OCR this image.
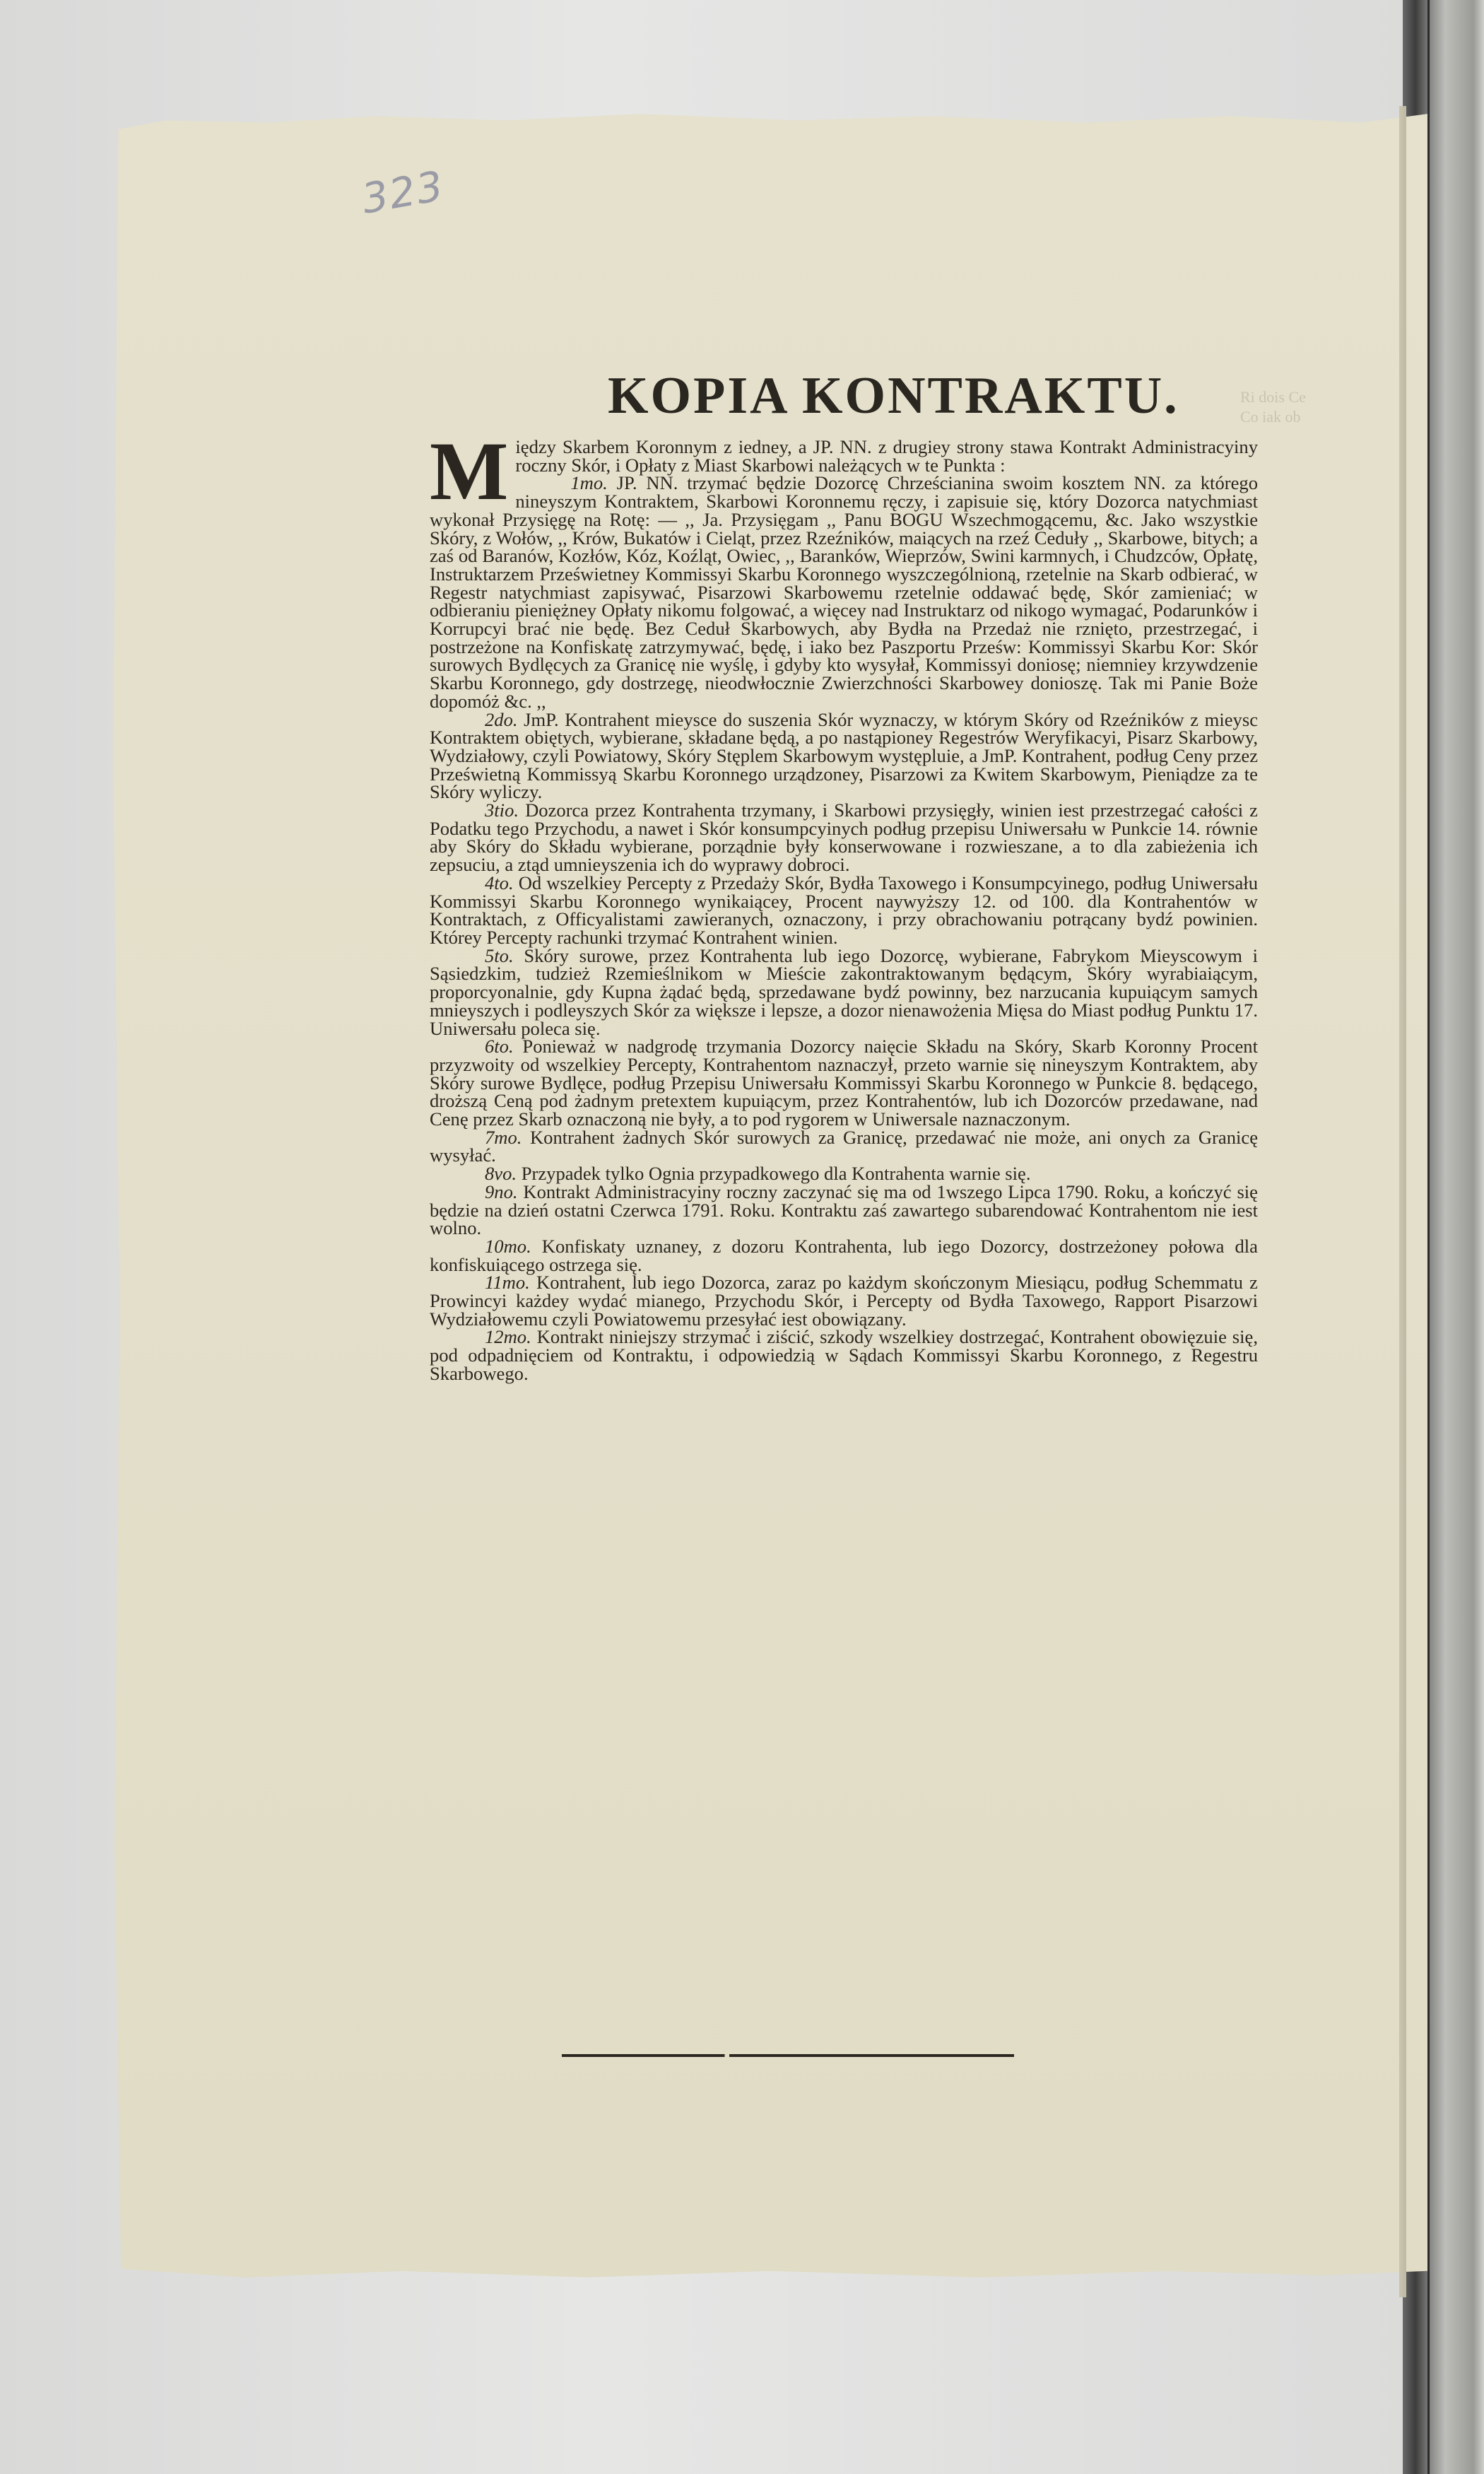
323
Ri dois Ce
Co iak ob
KOPIA KONTRAKTU.

Między Skarbem Koronnym z iedney, a JP. NN. z drugiey strony stawa Kontrakt Administracyiny roczny Skór, i Opłaty z Miast Skarbowi należących w te Punkta :

1mo. JP. NN. trzymać będzie Dozorcę Chrześcianina swoim kosztem NN. za którego nineyszym Kontraktem, Skarbowi Koronnemu ręczy, i zapisuie się, który Dozorca natychmiast wykonał Przysięgę na Rotę: — ,, Ja. Przysięgam ,, Panu BOGU Wszechmogącemu, &c. Jako wszystkie Skóry, z Wołów, ,, Krów, Bukatów i Cieląt, przez Rzeźników, maiących na rzeź Ceduły ,, Skarbowe, bitych; a zaś od Baranów, Kozłów, Kóz, Koźląt, Owiec, ,, Baranków, Wieprzów, Swini karmnych, i Chudzców, Opłatę, Instruktarzem Prześwietney Kommissyi Skarbu Koronnego wyszczególnioną, rzetelnie na Skarb odbierać, w Regestr natychmiast zapisywać, Pisarzowi Skarbowemu rzetelnie oddawać będę, Skór zamieniać; w odbieraniu pieniężney Opłaty nikomu folgować, a więcey nad Instruktarz od nikogo wymagać, Podarunków i Korrupcyi brać nie będę. Bez Ceduł Skarbowych, aby Bydła na Przedaż nie rznięto, przestrzegać, i postrzeżone na Konfiskatę zatrzymywać, będę, i iako bez Paszportu Prześw: Kommissyi Skarbu Kor: Skór surowych Bydlęcych za Granicę nie wyślę, i gdyby kto wysyłał, Kommissyi doniosę; niemniey krzywdzenie Skarbu Koronnego, gdy dostrzegę, nieodwłocznie Zwierzchności Skarbowey donioszę. Tak mi Panie Boże dopomóż &c. ,,

2do. JmP. Kontrahent mieysce do suszenia Skór wyznaczy, w którym Skóry od Rzeźników z mieysc Kontraktem obiętych, wybierane, składane będą, a po nastąpioney Regestrów Weryfikacyi, Pisarz Skarbowy, Wydziałowy, czyli Powiatowy, Skóry Stęplem Skarbowym występluie, a JmP. Kontrahent, podług Ceny przez Prześwietną Kommissyą Skarbu Koronnego urządzoney, Pisarzowi za Kwitem Skarbowym, Pieniądze za te Skóry wyliczy.

3tio. Dozorca przez Kontrahenta trzymany, i Skarbowi przysięgły, winien iest przestrzegać całości z Podatku tego Przychodu, a nawet i Skór konsumpcyinych podług przepisu Uniwersału w Punkcie 14. równie aby Skóry do Składu wybierane, porządnie były konserwowane i rozwieszane, a to dla zabieżenia ich zepsuciu, a ztąd umnieyszenia ich do wyprawy dobroci.

4to. Od wszelkiey Percepty z Przedaży Skór, Bydła Taxowego i Konsumpcyinego, podług Uniwersału Kommissyi Skarbu Koronnego wynikaiącey, Procent naywyższy 12. od 100. dla Kontrahentów w Kontraktach, z Officyalistami zawieranych, oznaczony, i przy obrachowaniu potrącany bydź powinien. Którey Percepty rachunki trzymać Kontrahent winien.

5to. Skóry surowe, przez Kontrahenta lub iego Dozorcę, wybierane, Fabrykom Mieyscowym i Sąsiedzkim, tudzież Rzemieślnikom w Mieście zakontraktowanym będącym, Skóry wyrabiaiącym, proporcyonalnie, gdy Kupna żądać będą, sprzedawane bydź powinny, bez narzucania kupuiącym samych mnieyszych i podleyszych Skór za większe i lepsze, a dozor nienawożenia Mięsa do Miast podług Punktu 17. Uniwersału poleca się.

6to. Ponieważ w nadgrodę trzymania Dozorcy naięcie Składu na Skóry, Skarb Koronny Procent przyzwoity od wszelkiey Percepty, Kontrahentom naznaczył, przeto warnie się nineyszym Kontraktem, aby Skóry surowe Bydlęce, podług Przepisu Uniwersału Kommissyi Skarbu Koronnego w Punkcie 8. będącego, droższą Ceną pod żadnym pretextem kupuiącym, przez Kontrahentów, lub ich Dozorców przedawane, nad Cenę przez Skarb oznaczoną nie były, a to pod rygorem w Uniwersale naznaczonym.

7mo. Kontrahent żadnych Skór surowych za Granicę, przedawać nie może, ani onych za Granicę wysyłać.

8vo. Przypadek tylko Ognia przypadkowego dla Kontrahenta warnie się.

9no. Kontrakt Administracyiny roczny zaczynać się ma od 1wszego Lipca 1790. Roku, a kończyć się będzie na dzień ostatni Czerwca 1791. Roku. Kontraktu zaś zawartego subarendować Kontrahentom nie iest wolno.

10mo. Konfiskaty uznaney, z dozoru Kontrahenta, lub iego Dozorcy, dostrzeżoney połowa dla konfiskuiącego ostrzega się.

11mo. Kontrahent, lub iego Dozorca, zaraz po każdym skończonym Miesiącu, podług Schemmatu z Prowincyi każdey wydać mianego, Przychodu Skór, i Percepty od Bydła Taxowego, Rapport Pisarzowi Wydziałowemu czyli Powiatowemu przesyłać iest obowiązany.

12mo. Kontrakt niniejszy strzymać i ziścić, szkody wszelkiey dostrzegać, Kontrahent obowięzuie się, pod odpadnięciem od Kontraktu, i odpowiedzią w Sądach Kommissyi Skarbu Koronnego, z Regestru Skarbowego.
